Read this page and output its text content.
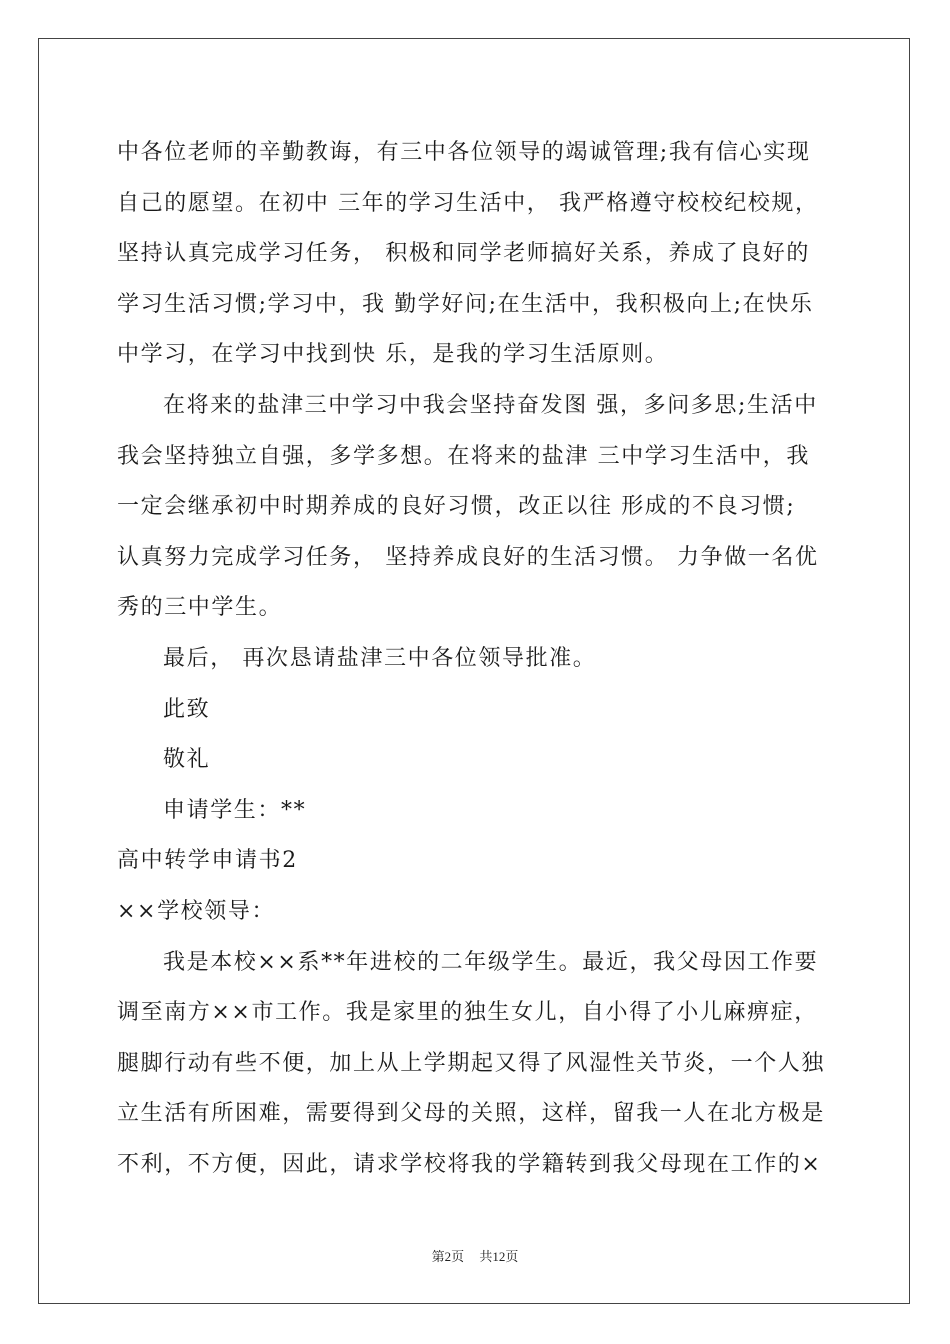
中各位老师的辛勤教诲，有三中各位领导的竭诚管理;我有信心实现
自己的愿望。在初中 三年的学习生活中， 我严格遵守校校纪校规，
坚持认真完成学习任务， 积极和同学老师搞好关系，养成了良好的
学习生活习惯;学习中，我 勤学好问;在生活中，我积极向上;在快乐
中学习，在学习中找到快 乐，是我的学习生活原则。
在将来的盐津三中学习中我会坚持奋发图 强，多问多思;生活中
我会坚持独立自强，多学多想。在将来的盐津 三中学习生活中，我
一定会继承初中时期养成的良好习惯，改正以往 形成的不良习惯;
认真努力完成学习任务， 坚持养成良好的生活习惯。 力争做一名优
秀的三中学生。
最后， 再次恳请盐津三中各位领导批准。
此致
敬礼
申请学生：**
高中转学申请书2
××学校领导：
我是本校××系**年进校的二年级学生。最近，我父母因工作要
调至南方××市工作。我是家里的独生女儿，自小得了小儿麻痹症，
腿脚行动有些不便，加上从上学期起又得了风湿性关节炎，一个人独
立生活有所困难，需要得到父母的关照，这样，留我一人在北方极是
不利，不方便，因此，请求学校将我的学籍转到我父母现在工作的×
第2页 共12页
